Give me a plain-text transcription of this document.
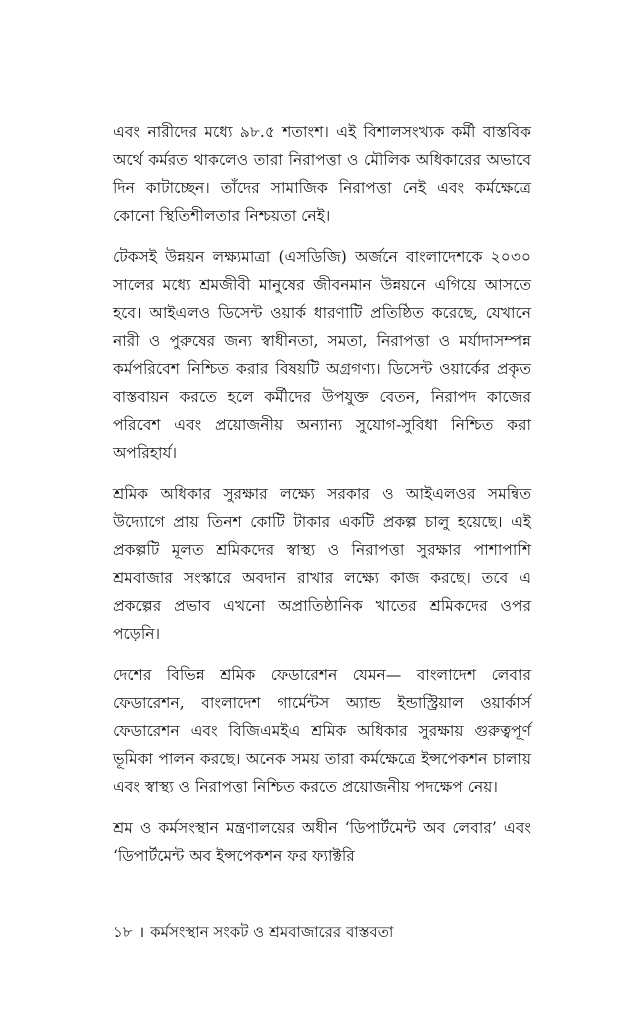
এবং নারীদের মধ্যে ৯৮.৫ শতাংশ। এই বিশালসংখ্যক কর্মী বাস্তবিক অর্থে কর্মরত থাকলেও তারা নিরাপত্তা ও মৌলিক অধিকারের অভাবে দিন কাটাচ্ছেন। তাঁদের সামাজিক নিরাপত্তা নেই এবং কর্মক্ষেত্রে কোনো স্থিতিশীলতার নিশ্চয়তা নেই।

টেকসই উন্নয়ন লক্ষ্যমাত্রা (এসডিজি) অর্জনে বাংলাদেশকে ২০৩০ সালের মধ্যে শ্রমজীবী মানুষের জীবনমান উন্নয়নে এগিয়ে আসতে হবে। আইএলও ডিসেন্ট ওয়ার্ক ধারণাটি প্রতিষ্ঠিত করেছে, যেখানে নারী ও পুরুষের জন্য স্বাধীনতা, সমতা, নিরাপত্তা ও মর্যাদাসম্পন্ন কর্মপরিবেশ নিশ্চিত করার বিষয়টি অগ্রগণ্য। ডিসেন্ট ওয়ার্কের প্রকৃত বাস্তবায়ন করতে হলে কর্মীদের উপযুক্ত বেতন, নিরাপদ কাজের পরিবেশ এবং প্রয়োজনীয় অন্যান্য সুযোগ-সুবিধা নিশ্চিত করা অপরিহার্য।

শ্রমিক অধিকার সুরক্ষার লক্ষ্যে সরকার ও আইএলওর সমন্বিত উদ্যোগে প্রায় তিনশ কোটি টাকার একটি প্রকল্প চালু হয়েছে। এই প্রকল্পটি মূলত শ্রমিকদের স্বাস্থ্য ও নিরাপত্তা সুরক্ষার পাশাপাশি শ্রমবাজার সংস্কারে অবদান রাখার লক্ষ্যে কাজ করছে। তবে এ প্রকল্পের প্রভাব এখনো অপ্রাতিষ্ঠানিক খাতের শ্রমিকদের ওপর পড়েনি।

দেশের বিভিন্ন শ্রমিক ফেডারেশন যেমন— বাংলাদেশ লেবার ফেডারেশন, বাংলাদেশ গার্মেন্টস অ্যান্ড ইন্ডাস্ট্রিয়াল ওয়ার্কার্স ফেডারেশন এবং বিজিএমইএ শ্রমিক অধিকার সুরক্ষায় গুরুত্বপূর্ণ ভূমিকা পালন করছে। অনেক সময় তারা কর্মক্ষেত্রে ইন্সপেকশন চালায় এবং স্বাস্থ্য ও নিরাপত্তা নিশ্চিত করতে প্রয়োজনীয় পদক্ষেপ নেয়।

শ্রম ও কর্মসংস্থান মন্ত্রণালয়ের অধীন ‘ডিপার্টমেন্ট অব লেবার’ এবং ‘ডিপার্টমেন্ট অব ইন্সপেকশন ফর ফ্যাক্টরি

১৮ । কর্মসংস্থান সংকট ও শ্রমবাজারের বাস্তবতা
